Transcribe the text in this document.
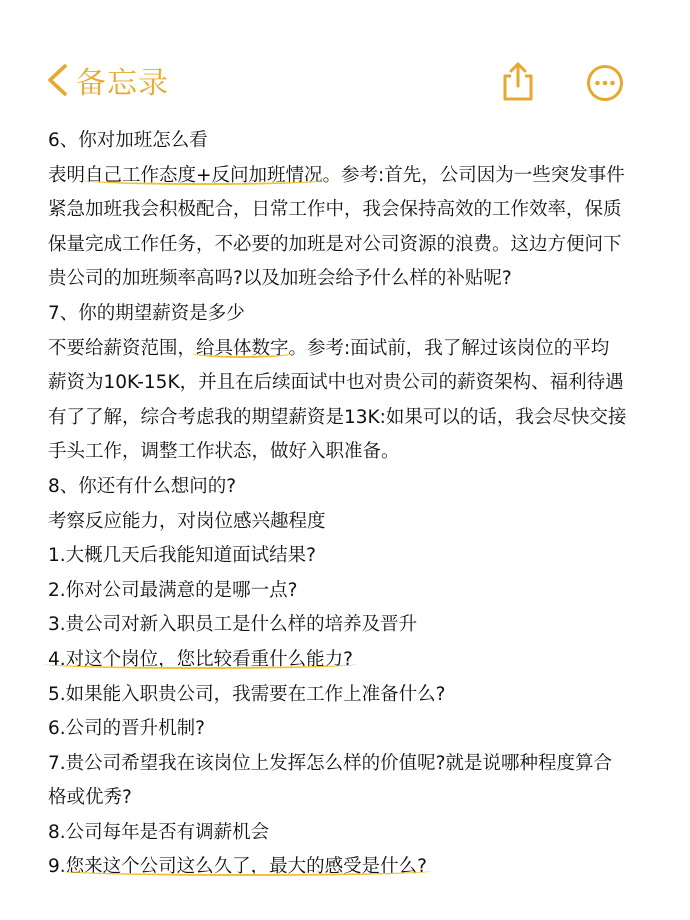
备忘录
6、你对加班怎么看
表明自己工作态度+反问加班情况。参考:首先，公司因为一些突发事件
紧急加班我会积极配合，日常工作中，我会保持高效的工作效率，保质
保量完成工作任务，不必要的加班是对公司资源的浪费。这边方便问下
贵公司的加班频率高吗?以及加班会给予什么样的补贴呢?
7、你的期望薪资是多少
不要给薪资范围，给具体数字。参考:面试前，我了解过该岗位的平均
薪资为10K-15K，并且在后续面试中也对贵公司的薪资架构、福利待遇
有了了解，综合考虑我的期望薪资是13K:如果可以的话，我会尽快交接
手头工作，调整工作状态，做好入职准备。
8、你还有什么想问的?
考察反应能力，对岗位感兴趣程度
1.大概几天后我能知道面试结果?
2.你对公司最满意的是哪一点?
3.贵公司对新入职员工是什么样的培养及晋升
4.对这个岗位，您比较看重什么能力?
5.如果能入职贵公司，我需要在工作上准备什么?
6.公司的晋升机制?
7.贵公司希望我在该岗位上发挥怎么样的价值呢?就是说哪种程度算合
格或优秀?
8.公司每年是否有调薪机会
9.您来这个公司这么久了，最大的感受是什么?
